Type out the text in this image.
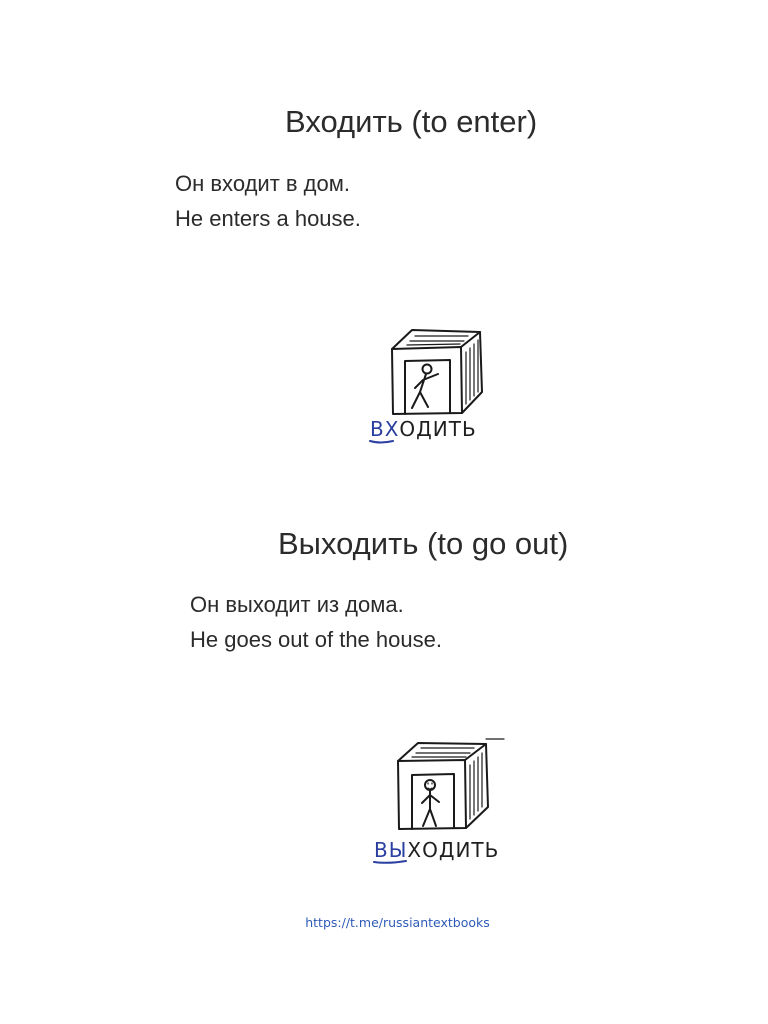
Входить (to enter)
Он входит в дом.
He enters a house.
ВХОДИТЬ
Выходить (to go out)
Он выходит из дома.
He goes out of the house.
ВЫХОДИТЬ
https://t.me/russiantextbooks
